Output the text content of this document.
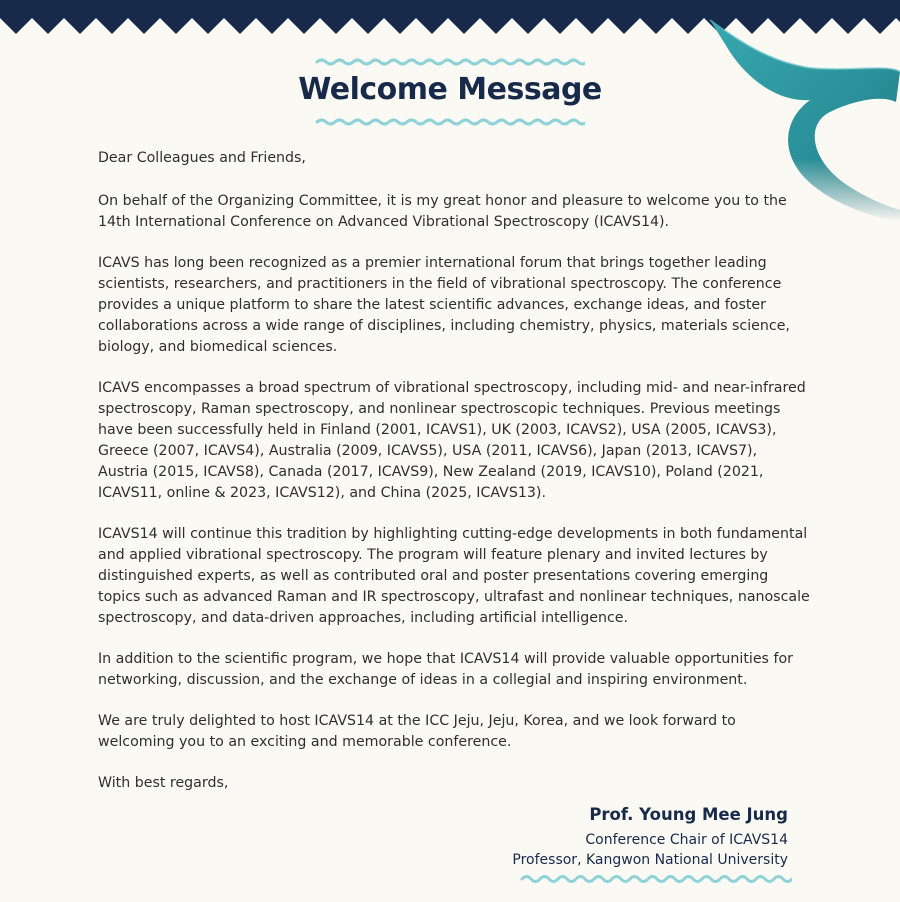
Welcome Message

Dear Colleagues and Friends,

On behalf of the Organizing Committee, it is my great honor and pleasure to welcome you to the 14th International Conference on Advanced Vibrational Spectroscopy (ICAVS14).

ICAVS has long been recognized as a premier international forum that brings together leading scientists, researchers, and practitioners in the field of vibrational spectroscopy. The conference provides a unique platform to share the latest scientific advances, exchange ideas, and foster collaborations across a wide range of disciplines, including chemistry, physics, materials science, biology, and biomedical sciences.

ICAVS encompasses a broad spectrum of vibrational spectroscopy, including mid- and near-infrared spectroscopy, Raman spectroscopy, and nonlinear spectroscopic techniques. Previous meetings have been successfully held in Finland (2001, ICAVS1), UK (2003, ICAVS2), USA (2005, ICAVS3), Greece (2007, ICAVS4), Australia (2009, ICAVS5), USA (2011, ICAVS6), Japan (2013, ICAVS7), Austria (2015, ICAVS8), Canada (2017, ICAVS9), New Zealand (2019, ICAVS10), Poland (2021, ICAVS11, online & 2023, ICAVS12), and China (2025, ICAVS13).

ICAVS14 will continue this tradition by highlighting cutting-edge developments in both fundamental and applied vibrational spectroscopy. The program will feature plenary and invited lectures by distinguished experts, as well as contributed oral and poster presentations covering emerging topics such as advanced Raman and IR spectroscopy, ultrafast and nonlinear techniques, nanoscale spectroscopy, and data-driven approaches, including artificial intelligence.

In addition to the scientific program, we hope that ICAVS14 will provide valuable opportunities for networking, discussion, and the exchange of ideas in a collegial and inspiring environment.

We are truly delighted to host ICAVS14 at the ICC Jeju, Jeju, Korea, and we look forward to welcoming you to an exciting and memorable conference.

With best regards,

Prof. Young Mee Jung
Conference Chair of ICAVS14
Professor, Kangwon National University
